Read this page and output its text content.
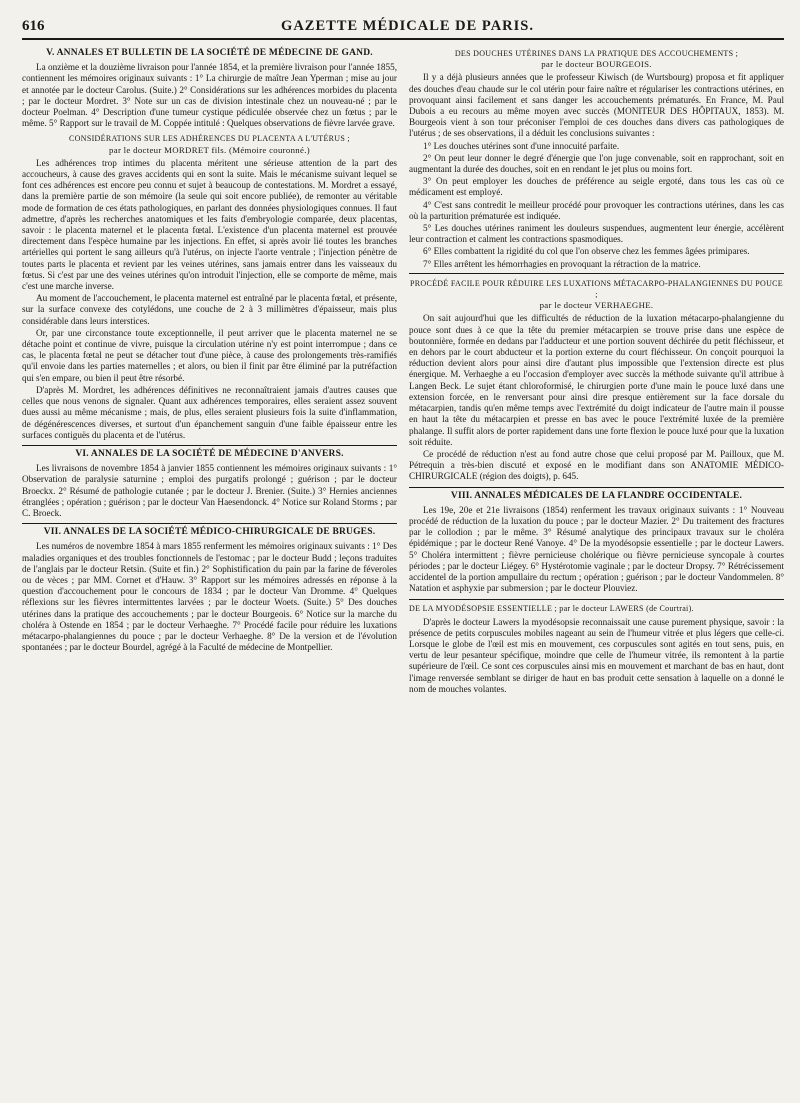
616	GAZETTE MÉDICALE DE PARIS.
V. ANNALES ET BULLETIN DE LA SOCIÉTÉ DE MÉDECINE DE GAND.

La onzième et la douzième livraison pour l'année 1854, et la première livraison pour l'année 1855, contiennent les mémoires originaux suivants : 1° La chirurgie de maître Jean Yperman ; mise au jour et annotée par le docteur Carolus. (Suite.) 2° Considérations sur les adhérences morbides du placenta ; par le docteur Mordret. 3° Note sur un cas de division intestinale chez un nouveau-né ; par le docteur Poelman. 4° Description d'une tumeur cystique pédiculée observée chez un fœtus ; par le même. 5° Rapport sur le travail de M. Coppée intitulé : Quelques observations de fièvre larvée grave.

CONSIDÉRATIONS SUR LES ADHÉRENCES DU PLACENTA A L'UTÉRUS ;
par le docteur MORDRET fils. (Mémoire couronné.)

Les adhérences trop intimes du placenta méritent une sérieuse attention de la part des accoucheurs, à cause des graves accidents qui en sont la suite. Mais le mécanisme suivant lequel se font ces adhérences est encore peu connu et sujet à beaucoup de contestations. M. Mordret a essayé, dans la première partie de son mémoire (la seule qui soit encore publiée), de remonter au véritable mode de formation de ces états pathologiques, en parlant des données physiologiques connues. Il faut admettre, d'après les recherches anatomiques et les faits d'embryologie comparée, deux placentas, savoir : le placenta maternel et le placenta fœtal. L'existence d'un placenta maternel est prouvée directement dans l'espèce humaine par les injections. En effet, si après avoir lié toutes les branches artérielles qui portent le sang ailleurs qu'à l'utérus, on injecte l'aorte ventrale ; l'injection pénètre de toutes parts le placenta et revient par les veines utérines, sans jamais entrer dans les vaisseaux du fœtus. Si c'est par une des veines utérines qu'on introduit l'injection, elle se comporte de même, mais c'est une marche inverse.

Au moment de l'accouchement, le placenta maternel est entraîné par le placenta fœtal, et présente, sur la surface convexe des cotylédons, une couche de 2 à 3 millimètres d'épaisseur, mais plus considérable dans leurs interstices.

Or, par une circonstance toute exceptionnelle, il peut arriver que le placenta maternel ne se détache point et continue de vivre, puisque la circulation utérine n'y est point interrompue ; dans ce cas, le placenta fœtal ne peut se détacher tout d'une pièce, à cause des prolongements très-ramifiés qu'il envoie dans les parties maternelles ; et alors, ou bien il finit par être éliminé par la putréfaction qui s'en empare, ou bien il peut être résorbé.

D'après M. Mordret, les adhérences définitives ne reconnaîtraient jamais d'autres causes que celles que nous venons de signaler. Quant aux adhérences temporaires, elles seraient assez souvent dues aussi au même mécanisme ; mais, de plus, elles seraient plusieurs fois la suite d'inflammation, de dégénérescences diverses, et surtout d'un épanchement sanguin d'une faible épaisseur entre les surfaces contiguës du placenta et de l'utérus.

VI. ANNALES DE LA SOCIÉTÉ DE MÉDECINE D'ANVERS.

Les livraisons de novembre 1854 à janvier 1855 contiennent les mémoires originaux suivants : 1° Observation de paralysie saturnine ; emploi des purgatifs prolongé ; guérison ; par le docteur Broeckx. 2° Résumé de pathologie cutanée ; par le docteur J. Brenier. (Suite.) 3° Hernies anciennes étranglées ; opération ; guérison ; par le docteur Van Haesendonck. 4° Notice sur Roland Storms ; par C. Broeck.

VII. ANNALES DE LA SOCIÉTÉ MÉDICO-CHIRURGICALE DE BRUGES.

Les numéros de novembre 1854 à mars 1855 renferment les mémoires originaux suivants : 1° Des maladies organiques et des troubles fonctionnels de l'estomac ; par le docteur Budd ; leçons traduites de l'anglais par le docteur Retsin. (Suite et fin.) 2° Sophistification du pain par la farine de féveroles ou de vèces ; par MM. Cornet et d'Hauw. 3° Rapport sur les mémoires adressés en réponse à la question d'accouchement pour le concours de 1834 ; par le docteur Van Dromme. 4° Quelques réflexions sur les fièvres intermittentes larvées ; par le docteur Woets. (Suite.) 5° Des douches utérines dans la pratique des accouchements ; par le docteur Bourgeois. 6° Notice sur la marche du choléra à Ostende en 1854 ; par le docteur Verhaeghe. 7° Procédé facile pour réduire les luxations métacarpo-phalangiennes du pouce ; par le docteur Verhaeghe. 8° De la version et de l'évolution spontanées ; par le docteur Bourdel, agrégé à la Faculté de médecine de Montpellier.

DES DOUCHES UTÉRINES DANS LA PRATIQUE DES ACCOUCHEMENTS ;
par le docteur BOURGEOIS.

Il y a déjà plusieurs années que le professeur Kiwisch (de Wurtsbourg) proposa et fit appliquer des douches d'eau chaude sur le col utérin pour faire naître et régulariser les contractions utérines, en provoquant ainsi facilement et sans danger les accouchements prématurés. En France, M. Paul Dubois a eu recours au même moyen avec succès (MONITEUR DES HÔPITAUX, 1853). M. Bourgeois vient à son tour préconiser l'emploi de ces douches dans divers cas pathologiques de l'utérus ; de ses observations, il a déduit les conclusions suivantes :

1° Les douches utérines sont d'une innocuité parfaite.

2° On peut leur donner le degré d'énergie que l'on juge convenable, soit en rapprochant, soit en augmentant la durée des douches, soit en en rendant le jet plus ou moins fort.

3° On peut employer les douches de préférence au seigle ergoté, dans tous les cas où ce médicament est employé.

4° C'est sans contredit le meilleur procédé pour provoquer les contractions utérines, dans les cas où la parturition prématurée est indiquée.

5° Les douches utérines raniment les douleurs suspendues, augmentent leur énergie, accélèrent leur contraction et calment les contractions spasmodiques.

6° Elles combattent la rigidité du col que l'on observe chez les femmes âgées primipares.

7° Elles arrêtent les hémorrhagies en provoquant la rétraction de la matrice.

PROCÉDÉ FACILE POUR RÉDUIRE LES LUXATIONS MÉTACARPO-PHALANGIENNES DU POUCE ;
par le docteur VERHAEGHE.

On sait aujourd'hui que les difficultés de réduction de la luxation métacarpo-phalangienne du pouce sont dues à ce que la tête du premier métacarpien se trouve prise dans une espèce de boutonnière, formée en dedans par l'adducteur et une portion souvent déchirée du petit fléchisseur, et en dehors par le court abducteur et la portion externe du court fléchisseur. On conçoit pourquoi la réduction devient alors pour ainsi dire d'autant plus impossible que l'extension directe est plus énergique. M. Verhaeghe a eu l'occasion d'employer avec succès la méthode suivante qu'il attribue à Langen Beck. Le sujet étant chloroformisé, le chirurgien porte d'une main le pouce luxé dans une extension forcée, en le renversant pour ainsi dire presque entièrement sur la face dorsale du métacarpien, tandis qu'en même temps avec l'extrémité du doigt indicateur de l'autre main il pousse en haut la tête du métacarpien et presse en bas avec le pouce l'extrémité luxée de la première phalange. Il suffit alors de porter rapidement dans une forte flexion le pouce luxé pour que la luxation soit réduite.

Ce procédé de réduction n'est au fond autre chose que celui proposé par M. Pailloux, que M. Pétrequin a très-bien discuté et exposé en le modifiant dans son ANATOMIE MÉDICO-CHIRURGICALE (région des doigts), p. 645.

VIII. ANNALES MÉDICALES DE LA FLANDRE OCCIDENTALE.

Les 19e, 20e et 21e livraisons (1854) renferment les travaux originaux suivants : 1° Nouveau procédé de réduction de la luxation du pouce ; par le docteur Mazier. 2° Du traitement des fractures par le collodion ; par le même. 3° Résumé analytique des principaux travaux sur le choléra épidémique ; par le docteur René Vanoye. 4° De la myodésopsie essentielle ; par le docteur Lawers. 5° Choléra intermittent ; fièvre pernicieuse cholérique ou fièvre pernicieuse syncopale à courtes périodes ; par le docteur Liégey. 6° Hystérotomie vaginale ; par le docteur Dropsy. 7° Rétrécissement accidentel de la portion ampullaire du rectum ; opération ; guérison ; par le docteur Vandommelen. 8° Natation et asphyxie par submersion ; par le docteur Plouviez.

DE LA MYODÉSOPSIE ESSENTIELLE ; par le docteur LAWERS (de Courtrai).

D'après le docteur Lawers la myodésopsie reconnaissait une cause purement physique, savoir : la présence de petits corpuscules mobiles nageant au sein de l'humeur vitrée et plus légers que celle-ci. Lorsque le globe de l'œil est mis en mouvement, ces corpuscules sont agités en tout sens, puis, en vertu de leur pesanteur spécifique, moindre que celle de l'humeur vitrée, ils remontent à la partie supérieure de l'œil. Ce sont ces corpuscules ainsi mis en mouvement et marchant de bas en haut, dont l'image renversée semblant se diriger de haut en bas produit cette sensation à laquelle on a donné le nom de mouches volantes.
